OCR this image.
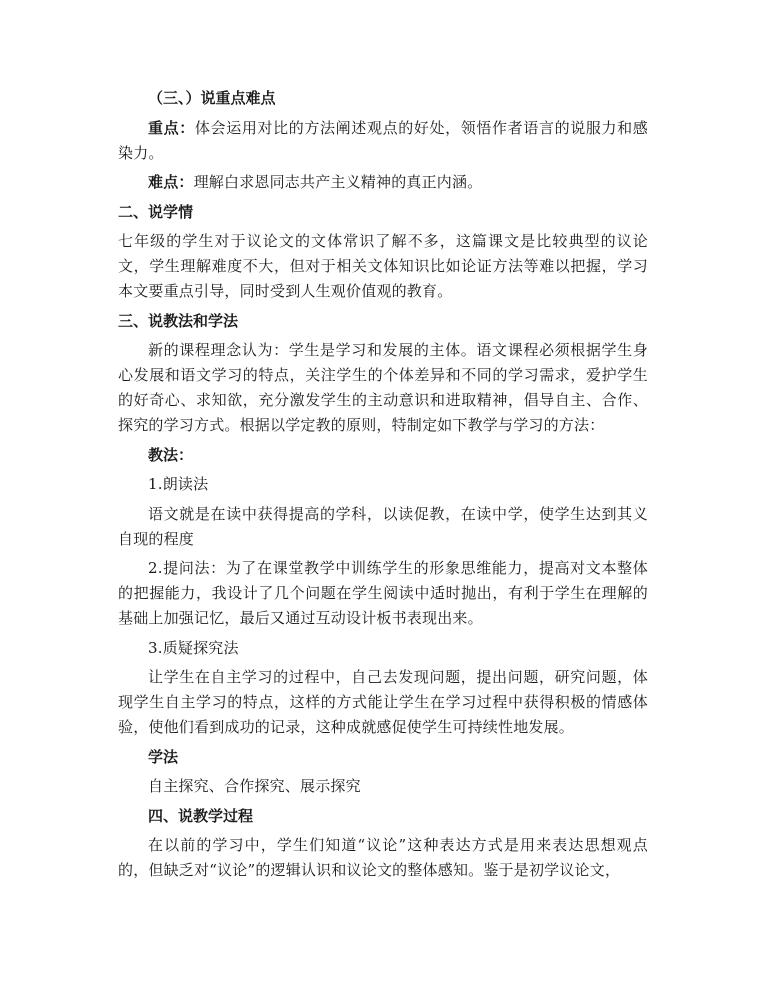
（三、）说重点难点

重点：体会运用对比的方法阐述观点的好处，领悟作者语言的说服力和感染力。

难点：理解白求恩同志共产主义精神的真正内涵。

二、说学情

七年级的学生对于议论文的文体常识了解不多，这篇课文是比较典型的议论文，学生理解难度不大，但对于相关文体知识比如论证方法等难以把握，学习本文要重点引导，同时受到人生观价值观的教育。

三、说教法和学法

新的课程理念认为：学生是学习和发展的主体。语文课程必须根据学生身心发展和语文学习的特点，关注学生的个体差异和不同的学习需求，爱护学生的好奇心、求知欲，充分激发学生的主动意识和进取精神，倡导自主、合作、探究的学习方式。根据以学定教的原则，特制定如下教学与学习的方法：

教法：

1.朗读法

语文就是在读中获得提高的学科，以读促教，在读中学，使学生达到其义自现的程度

2.提问法：为了在课堂教学中训练学生的形象思维能力，提高对文本整体的把握能力，我设计了几个问题在学生阅读中适时抛出，有利于学生在理解的基础上加强记忆，最后又通过互动设计板书表现出来。

3.质疑探究法

让学生在自主学习的过程中，自己去发现问题，提出问题，研究问题，体现学生自主学习的特点，这样的方式能让学生在学习过程中获得积极的情感体验，使他们看到成功的记录，这种成就感促使学生可持续性地发展。

学法

自主探究、合作探究、展示探究

四、说教学过程

在以前的学习中，学生们知道“议论”这种表达方式是用来表达思想观点的，但缺乏对“议论”的逻辑认识和议论文的整体感知。鉴于是初学议论文，
